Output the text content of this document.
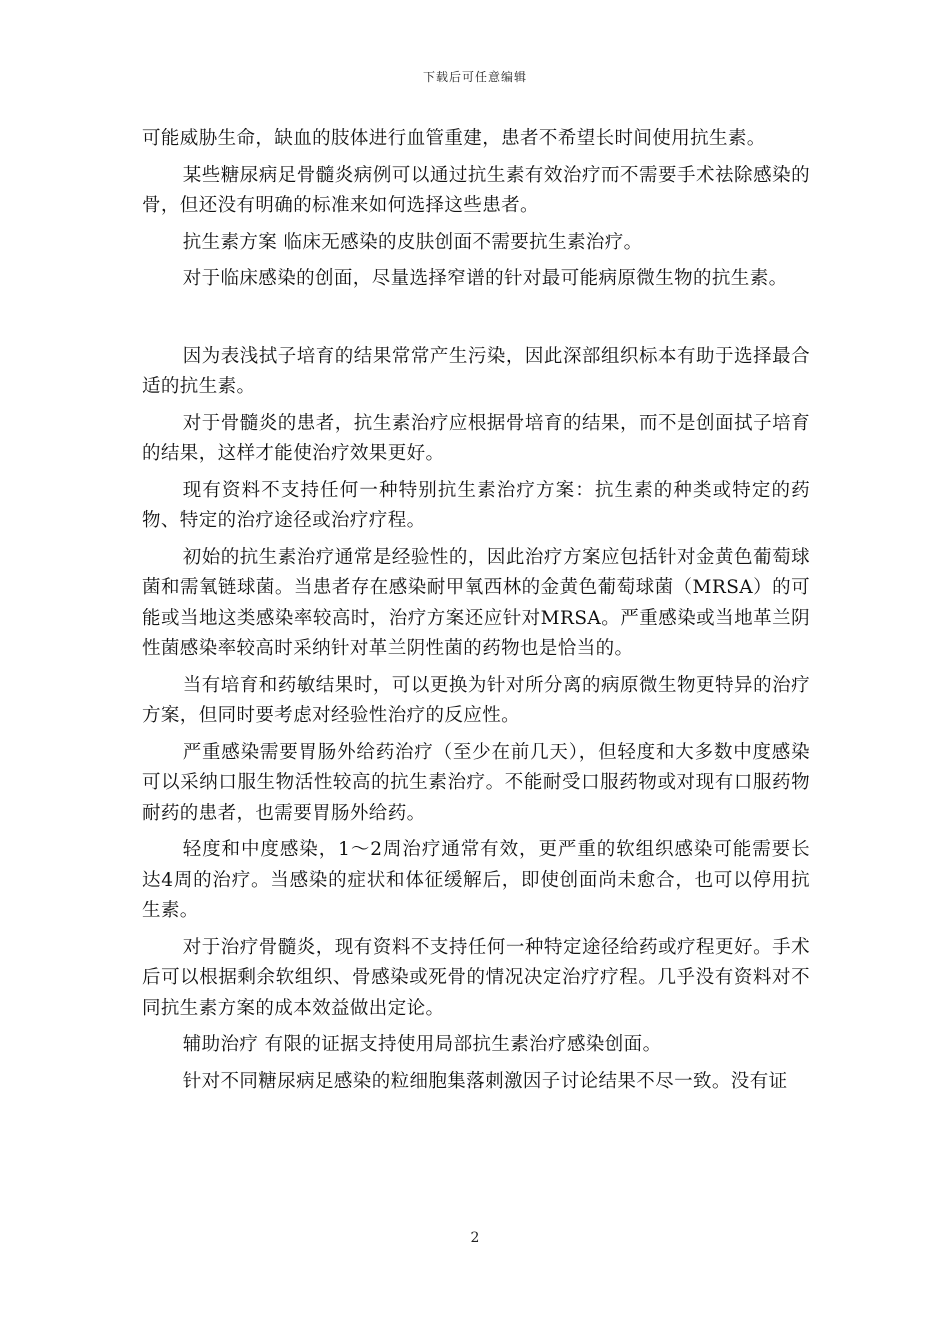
下载后可任意编辑

可能威胁生命，缺血的肢体进行血管重建，患者不希望长时间使用抗生素。

某些糖尿病足骨髓炎病例可以通过抗生素有效治疗而不需要手术祛除感染的骨，但还没有明确的标准来如何选择这些患者。

抗生素方案 临床无感染的皮肤创面不需要抗生素治疗。

对于临床感染的创面，尽量选择窄谱的针对最可能病原微生物的抗生素。

因为表浅拭子培育的结果常常产生污染，因此深部组织标本有助于选择最合适的抗生素。

对于骨髓炎的患者，抗生素治疗应根据骨培育的结果，而不是创面拭子培育的结果，这样才能使治疗效果更好。

现有资料不支持任何一种特别抗生素治疗方案：抗生素的种类或特定的药物、特定的治疗途径或治疗疗程。

初始的抗生素治疗通常是经验性的，因此治疗方案应包括针对金黄色葡萄球菌和需氧链球菌。当患者存在感染耐甲氧西林的金黄色葡萄球菌（MRSA）的可能或当地这类感染率较高时，治疗方案还应针对MRSA。严重感染或当地革兰阴性菌感染率较高时采纳针对革兰阴性菌的药物也是恰当的。

当有培育和药敏结果时，可以更换为针对所分离的病原微生物更特异的治疗方案，但同时要考虑对经验性治疗的反应性。

严重感染需要胃肠外给药治疗（至少在前几天），但轻度和大多数中度感染可以采纳口服生物活性较高的抗生素治疗。不能耐受口服药物或对现有口服药物耐药的患者，也需要胃肠外给药。

轻度和中度感染，1～2周治疗通常有效，更严重的软组织感染可能需要长达4周的治疗。当感染的症状和体征缓解后，即使创面尚未愈合，也可以停用抗生素。

对于治疗骨髓炎，现有资料不支持任何一种特定途径给药或疗程更好。手术后可以根据剩余软组织、骨感染或死骨的情况决定治疗疗程。几乎没有资料对不同抗生素方案的成本效益做出定论。

辅助治疗 有限的证据支持使用局部抗生素治疗感染创面。

针对不同糖尿病足感染的粒细胞集落刺激因子讨论结果不尽一致。没有证

2
